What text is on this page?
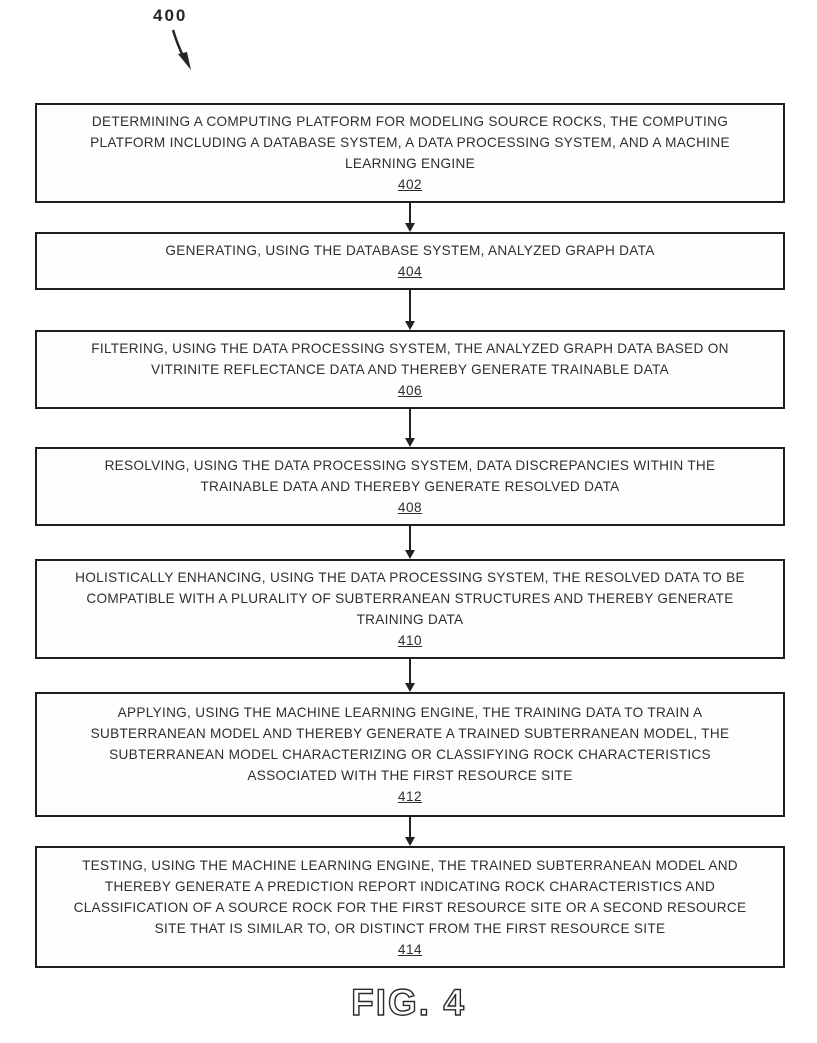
400
DETERMINING A COMPUTING PLATFORM FOR MODELING SOURCE ROCKS, THE COMPUTING PLATFORM INCLUDING A DATABASE SYSTEM, A DATA PROCESSING SYSTEM, AND A MACHINE LEARNING ENGINE
402
GENERATING, USING THE DATABASE SYSTEM, ANALYZED GRAPH DATA
404
FILTERING, USING THE DATA PROCESSING SYSTEM, THE ANALYZED GRAPH DATA BASED ON VITRINITE REFLECTANCE DATA AND THEREBY GENERATE TRAINABLE DATA
406
RESOLVING, USING THE DATA PROCESSING SYSTEM, DATA DISCREPANCIES WITHIN THE TRAINABLE DATA AND THEREBY GENERATE RESOLVED DATA
408
HOLISTICALLY ENHANCING, USING THE DATA PROCESSING SYSTEM, THE RESOLVED DATA TO BE COMPATIBLE WITH A PLURALITY OF SUBTERRANEAN STRUCTURES AND THEREBY GENERATE TRAINING DATA
410
APPLYING, USING THE MACHINE LEARNING ENGINE, THE TRAINING DATA TO TRAIN A SUBTERRANEAN MODEL AND THEREBY GENERATE A TRAINED SUBTERRANEAN MODEL, THE SUBTERRANEAN MODEL CHARACTERIZING OR CLASSIFYING ROCK CHARACTERISTICS ASSOCIATED WITH THE FIRST RESOURCE SITE
412
TESTING, USING THE MACHINE LEARNING ENGINE, THE TRAINED SUBTERRANEAN MODEL AND THEREBY GENERATE A PREDICTION REPORT INDICATING ROCK CHARACTERISTICS AND CLASSIFICATION OF A SOURCE ROCK FOR THE FIRST RESOURCE SITE OR A SECOND RESOURCE SITE THAT IS SIMILAR TO, OR DISTINCT FROM THE FIRST RESOURCE SITE
414
FIG. 4
